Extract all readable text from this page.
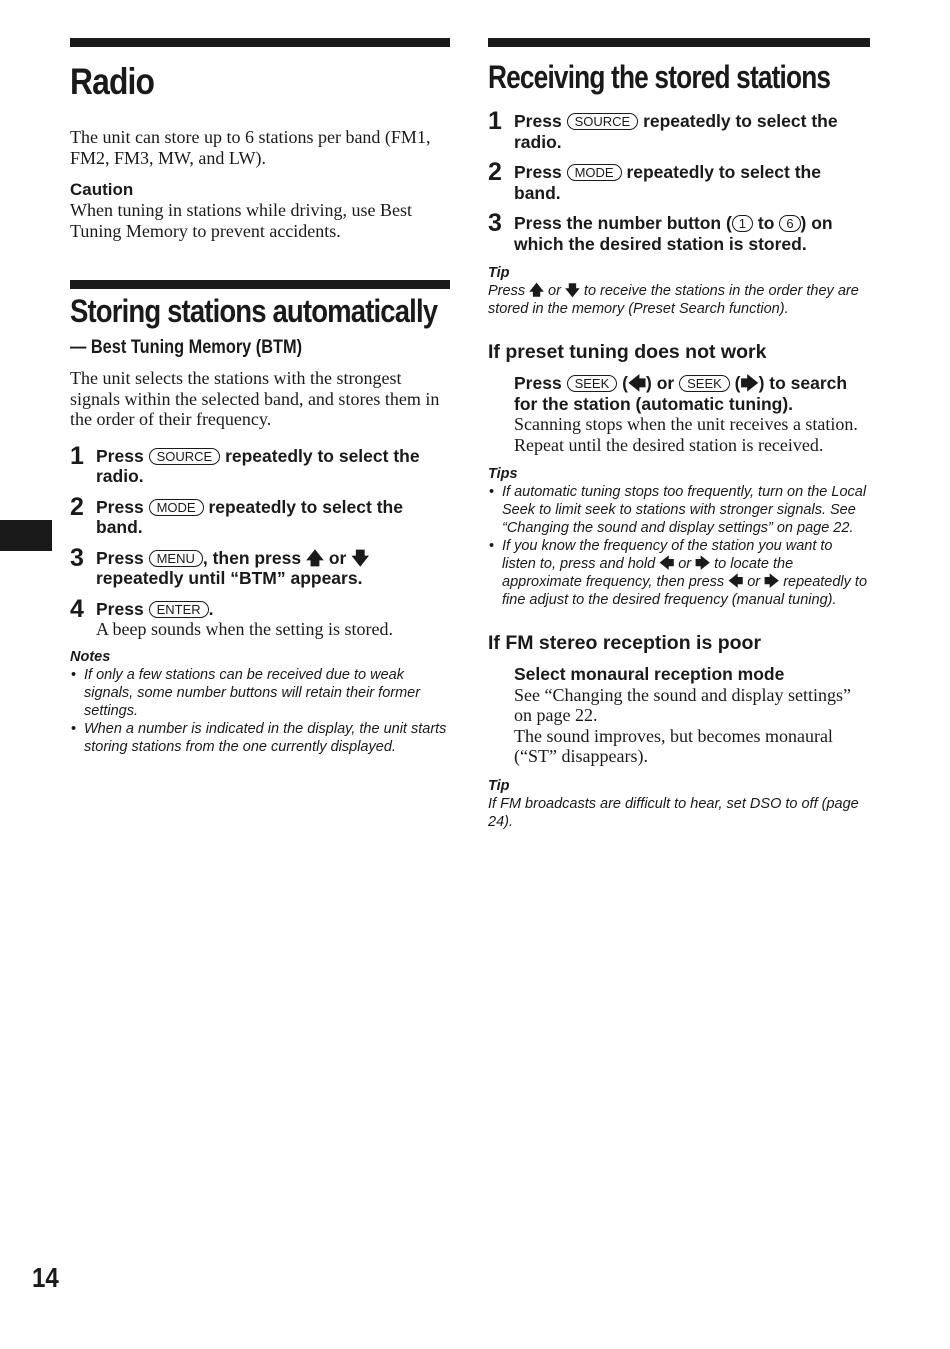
Radio

The unit can store up to 6 stations per band (FM1, FM2, FM3, MW, and LW).

Caution

When tuning in stations while driving, use Best Tuning Memory to prevent accidents.

Storing stations automatically
— Best Tuning Memory (BTM)

The unit selects the stations with the strongest signals within the selected band, and stores them in the order of their frequency.

1 Press SOURCE repeatedly to select the radio.
2 Press MODE repeatedly to select the band.
3 Press MENU , then press 🡅 or 🡇 repeatedly until “BTM” appears.
4 Press ENTER .
A beep sounds when the setting is stored.
Notes
• If only a few stations can be received due to weak signals, some number buttons will retain their former settings.
• When a number is indicated in the display, the unit starts storing stations from the one currently displayed.
Receiving the stored stations
1 Press SOURCE repeatedly to select the radio.
2 Press MODE repeatedly to select the band.
3 Press the number button ( 1 to 6 ) on which the desired station is stored.
Tip
Press 🡅 or 🡇 to receive the stations in the order they are stored in the memory (Preset Search function).
If preset tuning does not work
Press SEEK (🡄) or SEEK (🡆) to search for the station (automatic tuning).

Scanning stops when the unit receives a station. Repeat until the desired station is received.

Tips
• If automatic tuning stops too frequently, turn on the Local Seek to limit seek to stations with stronger signals. See “Changing the sound and display settings” on page 22.
• If you know the frequency of the station you want to listen to, press and hold 🡄 or 🡆 to locate the approximate frequency, then press 🡄 or 🡆 repeatedly to fine adjust to the desired frequency (manual tuning).
If FM stereo reception is poor
Select monaural reception mode

See “Changing the sound and display settings” on page 22.

The sound improves, but becomes monaural (“ST” disappears).

Tip
If FM broadcasts are difficult to hear, set DSO to off (page 24).
14
